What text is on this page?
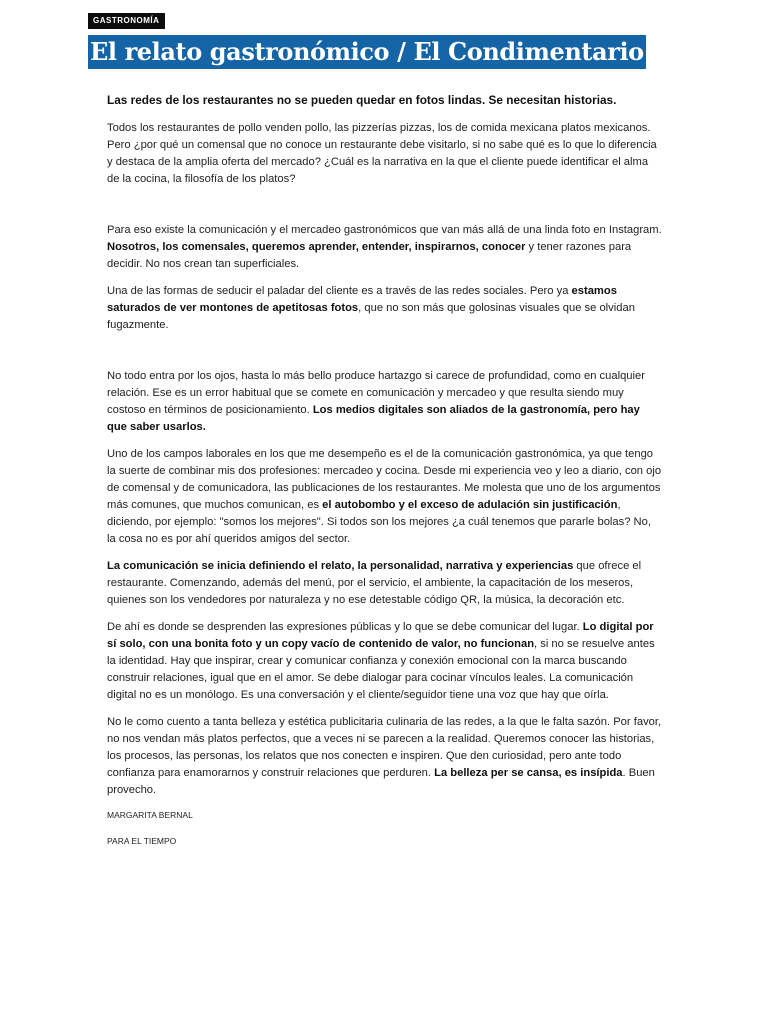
GASTRONOMÍA
El relato gastronómico / El Condimentario

Las redes de los restaurantes no se pueden quedar en fotos lindas. Se necesitan historias.

Todos los restaurantes de pollo venden pollo, las pizzerías pizzas, los de comida mexicana platos mexicanos. Pero ¿por qué un comensal que no conoce un restaurante debe visitarlo, si no sabe qué es lo que lo diferencia y destaca de la amplia oferta del mercado? ¿Cuál es la narrativa en la que el cliente puede identificar el alma de la cocina, la filosofía de los platos?

Para eso existe la comunicación y el mercadeo gastronómicos que van más allá de una linda foto en Instagram. Nosotros, los comensales, queremos aprender, entender, inspirarnos, conocer y tener razones para decidir. No nos crean tan superficiales.

Una de las formas de seducir el paladar del cliente es a través de las redes sociales. Pero ya estamos saturados de ver montones de apetitosas fotos, que no son más que golosinas visuales que se olvidan fugazmente.

No todo entra por los ojos, hasta lo más bello produce hartazgo si carece de profundidad, como en cualquier relación. Ese es un error habitual que se comete en comunicación y mercadeo y que resulta siendo muy costoso en términos de posicionamiento. Los medios digitales son aliados de la gastronomía, pero hay que saber usarlos.

Uno de los campos laborales en los que me desempeño es el de la comunicación gastronómica, ya que tengo la suerte de combinar mis dos profesiones: mercadeo y cocina. Desde mi experiencia veo y leo a diario, con ojo de comensal y de comunicadora, las publicaciones de los restaurantes. Me molesta que uno de los argumentos más comunes, que muchos comunican, es el autobombo y el exceso de adulación sin justificación, diciendo, por ejemplo: "somos los mejores". Si todos son los mejores ¿a cuál tenemos que pararle bolas? No, la cosa no es por ahí queridos amigos del sector.

La comunicación se inicia definiendo el relato, la personalidad, narrativa y experiencias que ofrece el restaurante. Comenzando, además del menú, por el servicio, el ambiente, la capacitación de los meseros, quienes son los vendedores por naturaleza y no ese detestable código QR, la música, la decoración etc.

De ahí es donde se desprenden las expresiones públicas y lo que se debe comunicar del lugar. Lo digital por sí solo, con una bonita foto y un copy vacío de contenido de valor, no funcionan, si no se resuelve antes la identidad. Hay que inspirar, crear y comunicar confianza y conexión emocional con la marca buscando construir relaciones, igual que en el amor. Se debe dialogar para cocinar vínculos leales. La comunicación digital no es un monólogo. Es una conversación y el cliente/seguidor tiene una voz que hay que oírla.

No le como cuento a tanta belleza y estética publicitaria culinaria de las redes, a la que le falta sazón. Por favor, no nos vendan más platos perfectos, que a veces ni se parecen a la realidad. Queremos conocer las historias, los procesos, las personas, los relatos que nos conecten e inspiren. Que den curiosidad, pero ante todo confianza para enamorarnos y construir relaciones que perduren. La belleza per se cansa, es insípida. Buen provecho.

MARGARITA BERNAL
PARA EL TIEMPO
